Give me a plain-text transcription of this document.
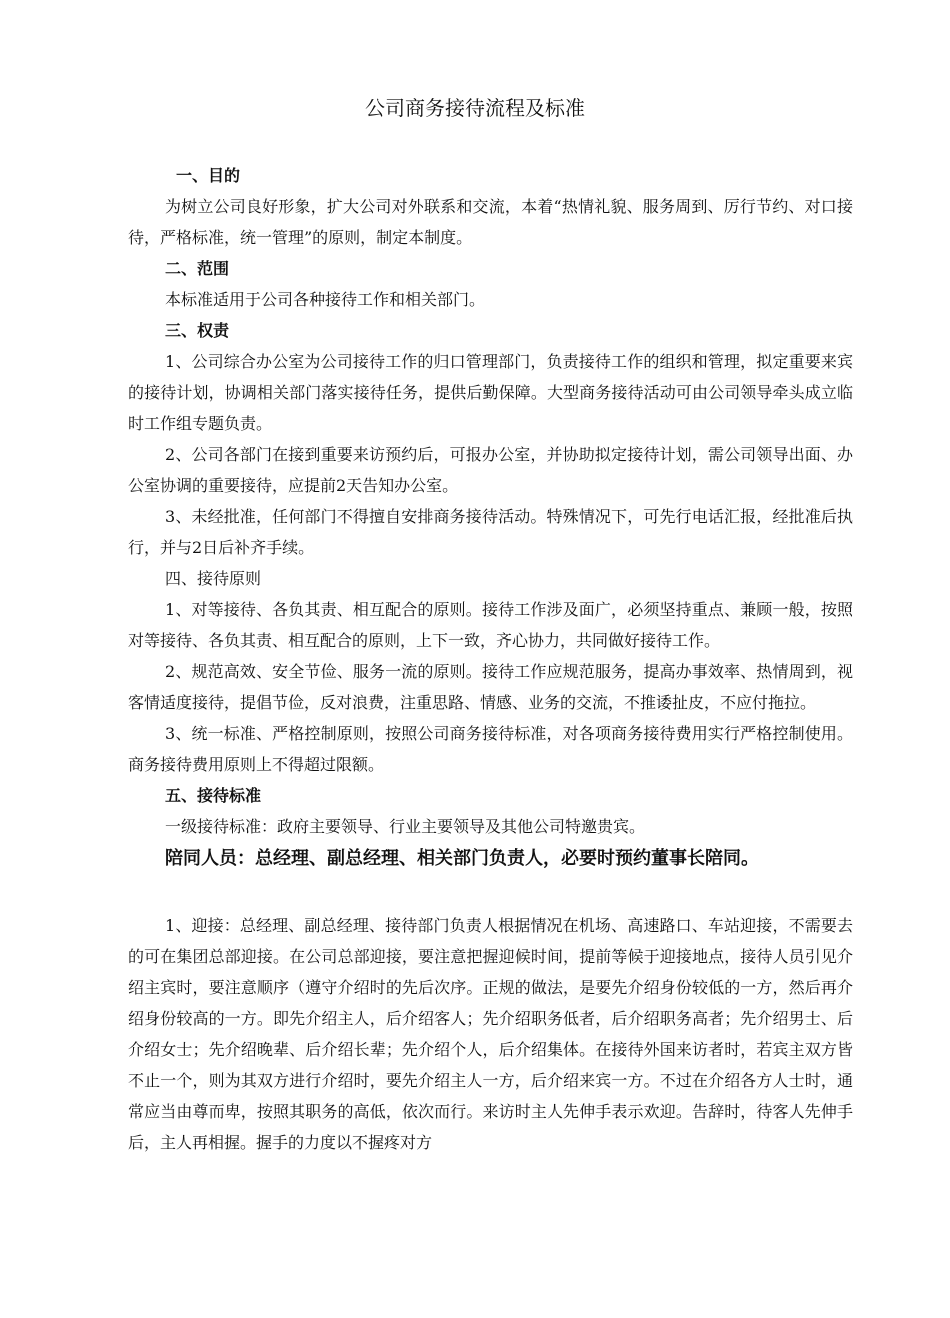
公司商务接待流程及标准

一、目的

为树立公司良好形象，扩大公司对外联系和交流，本着“热情礼貌、服务周到、厉行节约、对口接待，严格标准，统一管理”的原则，制定本制度。

二、范围

本标准适用于公司各种接待工作和相关部门。

三、权责

1、公司综合办公室为公司接待工作的归口管理部门，负责接待工作的组织和管理，拟定重要来宾的接待计划，协调相关部门落实接待任务，提供后勤保障。大型商务接待活动可由公司领导牵头成立临时工作组专题负责。

2、公司各部门在接到重要来访预约后，可报办公室，并协助拟定接待计划，需公司领导出面、办公室协调的重要接待，应提前2天告知办公室。

3、未经批准，任何部门不得擅自安排商务接待活动。特殊情况下，可先行电话汇报，经批准后执行，并与2日后补齐手续。

四、接待原则

1、对等接待、各负其责、相互配合的原则。接待工作涉及面广，必须坚持重点、兼顾一般，按照对等接待、各负其责、相互配合的原则，上下一致，齐心协力，共同做好接待工作。

2、规范高效、安全节俭、服务一流的原则。接待工作应规范服务，提高办事效率、热情周到，视客情适度接待，提倡节俭，反对浪费，注重思路、情感、业务的交流，不推诿扯皮，不应付拖拉。

3、统一标准、严格控制原则，按照公司商务接待标准，对各项商务接待费用实行严格控制使用。商务接待费用原则上不得超过限额。

五、接待标准

一级接待标准：政府主要领导、行业主要领导及其他公司特邀贵宾。

陪同人员：总经理、副总经理、相关部门负责人，必要时预约董事长陪同。

1、迎接：总经理、副总经理、接待部门负责人根据情况在机场、高速路口、车站迎接，不需要去的可在集团总部迎接。在公司总部迎接，要注意把握迎候时间，提前等候于迎接地点，接待人员引见介绍主宾时，要注意顺序（遵守介绍时的先后次序。正规的做法，是要先介绍身份较低的一方，然后再介绍身份较高的一方。即先介绍主人，后介绍客人；先介绍职务低者，后介绍职务高者；先介绍男士、后介绍女士；先介绍晚辈、后介绍长辈；先介绍个人，后介绍集体。在接待外国来访者时，若宾主双方皆不止一个，则为其双方进行介绍时，要先介绍主人一方，后介绍来宾一方。不过在介绍各方人士时，通常应当由尊而卑，按照其职务的高低，依次而行。来访时主人先伸手表示欢迎。告辞时，待客人先伸手后，主人再相握。握手的力度以不握疼对方
